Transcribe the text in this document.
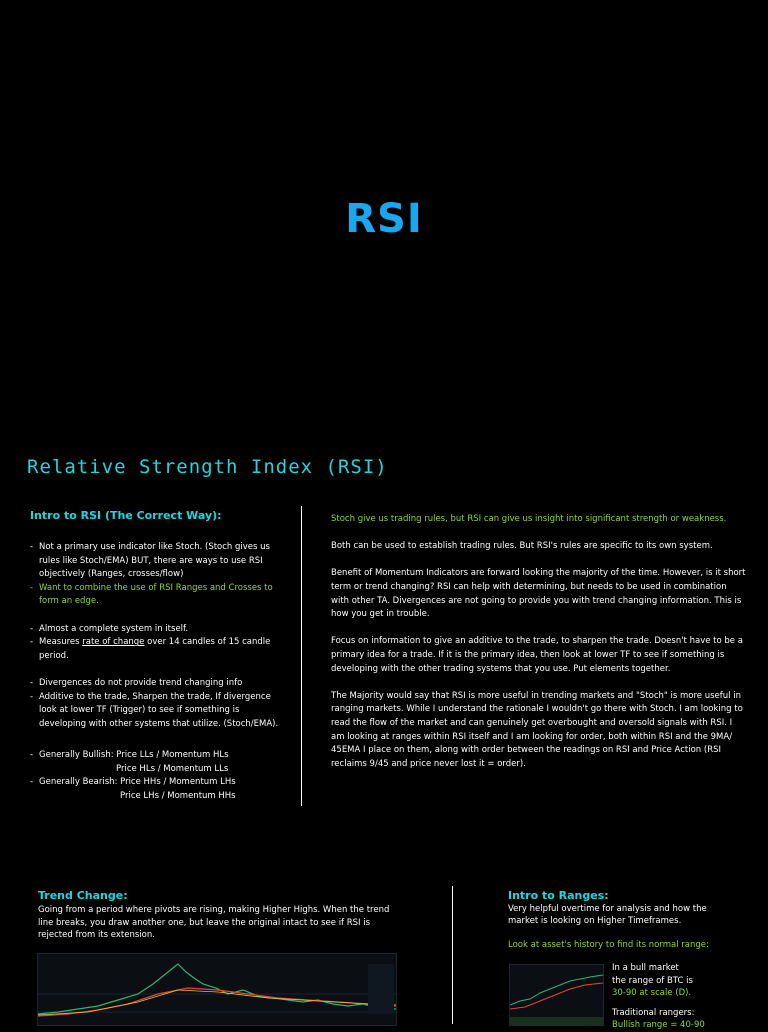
RSI
Relative Strength Index (RSI)
Intro to RSI (The Correct Way):
- Not a primary use indicator like Stoch. (Stoch gives us rules like Stoch/EMA) BUT, there are ways to use RSI objectively (Ranges, crosses/flow)
- Want to combine the use of RSI Ranges and Crosses to form an edge.
- Almost a complete system in itself.
- Measures rate of change over 14 candles of 15 candle period.
- Divergences do not provide trend changing info
- Additive to the trade, Sharpen the trade, If divergence look at lower TF (Trigger) to see if something is developing with other systems that utilize. (Stoch/EMA).
- Generally Bullish: Price LLs / Momentum HLs
Price HLs / Momentum LLs
- Generally Bearish: Price HHs / Momentum LHs
Price LHs / Momentum HHs

Stoch give us trading rules, but RSI can give us insight into significant strength or weakness.

Both can be used to establish trading rules. But RSI's rules are specific to its own system.

Benefit of Momentum Indicators are forward looking the majority of the time. However, is it short term or trend changing? RSI can help with determining, but needs to be used in combination with other TA. Divergences are not going to provide you with trend changing information. This is how you get in trouble.

Focus on information to give an additive to the trade, to sharpen the trade. Doesn't have to be a primary idea for a trade. If it is the primary idea, then look at lower TF to see if something is developing with the other trading systems that you use. Put elements together.

The Majority would say that RSI is more useful in trending markets and "Stoch" is more useful in ranging markets. While I understand the rationale I wouldn't go there with Stoch. I am looking to read the flow of the market and can genuinely get overbought and oversold signals with RSI. I am looking at ranges within RSI itself and I am looking for order, both within RSI and the 9MA/ 45EMA I place on them, along with order between the readings on RSI and Price Action (RSI reclaims 9/45 and price never lost it = order).

Trend Change:
Going from a period where pivots are rising, making Higher Highs. When the trend line breaks, you draw another one, but leave the original intact to see if RSI is rejected from its extension.
Intro to Ranges:
Very helpful overtime for analysis and how the market is looking on Higher Timeframes.
Look at asset's history to find its normal range:
In a bull market
the range of BTC is
30-90 at scale (D).
Traditional rangers:
Bullish range = 40-90
